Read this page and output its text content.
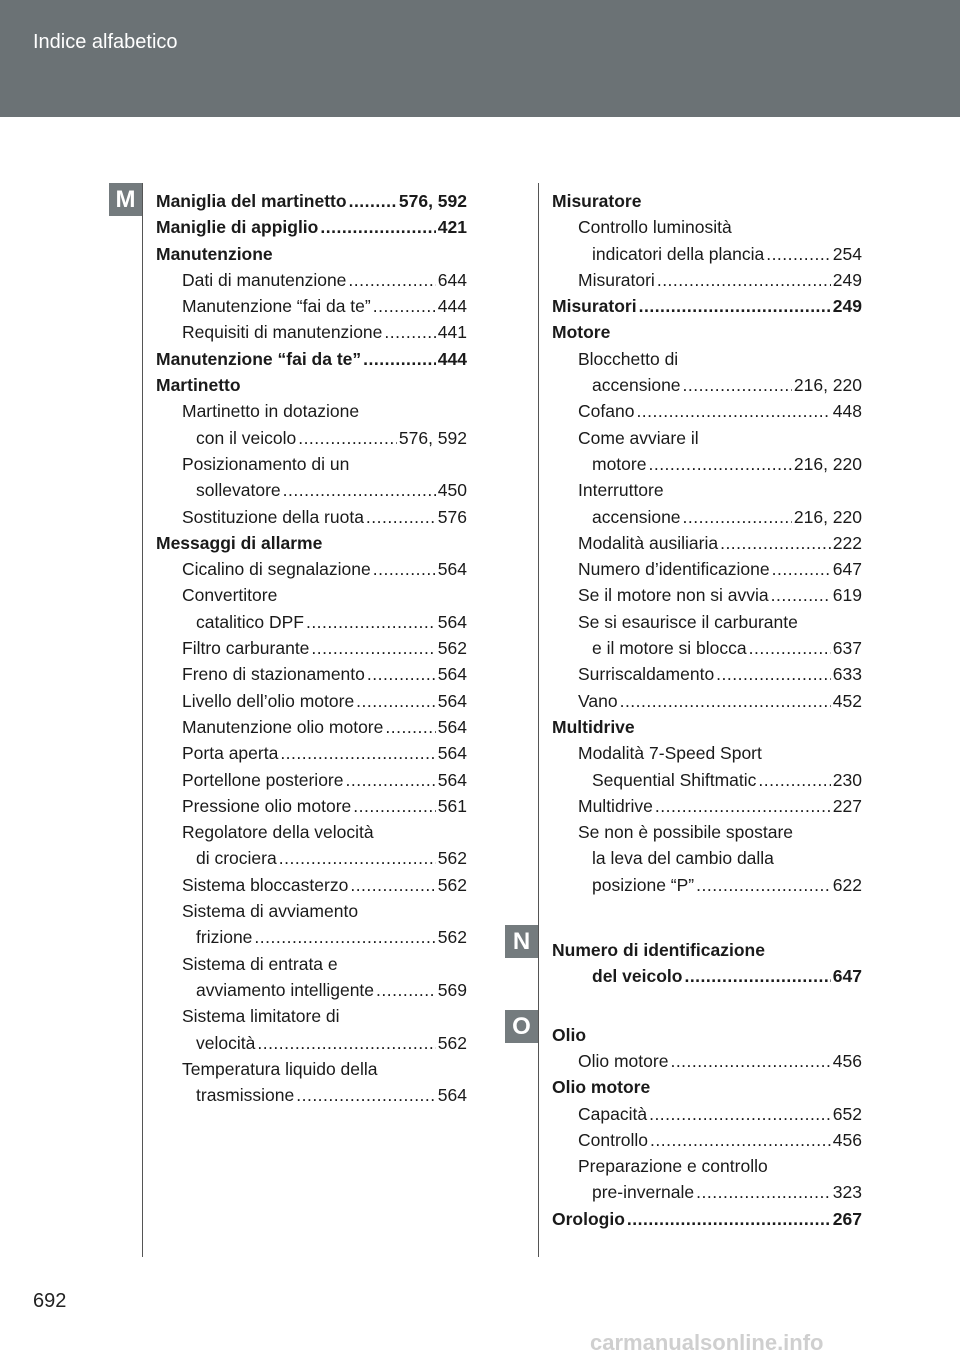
Indice alfabetico
M
N
O
Maniglia del martinetto .....	576, 592
Maniglie di appiglio .....	421
Manutenzione
Dati di manutenzione .....	644
Manutenzione “fai da te” .....	444
Requisiti di manutenzione .....	441
Manutenzione “fai da te” .....	444
Martinetto
Martinetto in dotazione
con il veicolo .....	576, 592
Posizionamento di un
sollevatore .....	450
Sostituzione della ruota .....	576
Messaggi di allarme
Cicalino di segnalazione .....	564
Convertitore
catalitico DPF .....	564
Filtro carburante .....	562
Freno di stazionamento .....	564
Livello dell’olio motore .....	564
Manutenzione olio motore .....	564
Porta aperta .....	564
Portellone posteriore .....	564
Pressione olio motore .....	561
Regolatore della velocità
di crociera .....	562
Sistema bloccasterzo .....	562
Sistema di avviamento
frizione .....	562
Sistema di entrata e
avviamento intelligente .....	569
Sistema limitatore di
velocità .....	562
Temperatura liquido della
trasmissione .....	564
Misuratore
Controllo luminosità
indicatori della plancia .....	254
Misuratori .....	249
Misuratori .....	249
Motore
Blocchetto di
accensione .....	216, 220
Cofano .....	448
Come avviare il
motore .....	216, 220
Interruttore
accensione .....	216, 220
Modalità ausiliaria .....	222
Numero d’identificazione .....	647
Se il motore non si avvia .....	619
Se si esaurisce il carburante
e il motore si blocca .....	637
Surriscaldamento .....	633
Vano .....	452
Multidrive
Modalità 7-Speed Sport
Sequential Shiftmatic .....	230
Multidrive .....	227
Se non è possibile spostare
la leva del cambio dalla
posizione “P” .....	622
Numero di identificazione
del veicolo .....	647
Olio
Olio motore .....	456
Olio motore
Capacità .....	652
Controllo .....	456
Preparazione e controllo
pre-invernale .....	323
Orologio .....	267
692
carmanualsonline.info
